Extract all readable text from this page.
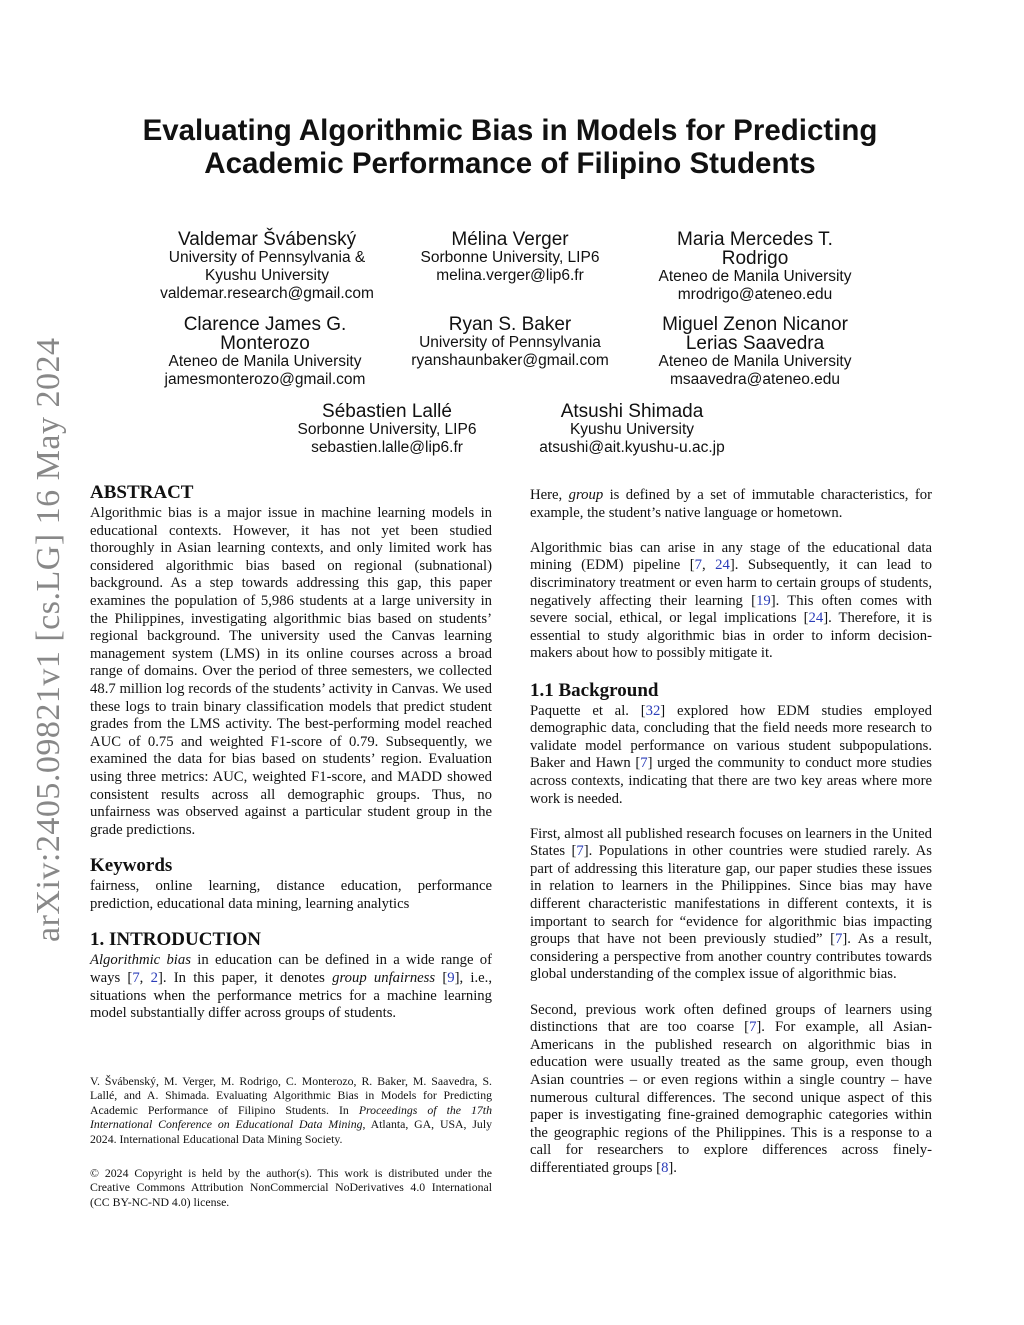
arXiv:2405.09821v1 [cs.LG] 16 May 2024
Evaluating Algorithmic Bias in Models for Predicting
Academic Performance of Filipino Students
Valdemar Švábenský
University of Pennsylvania &
Kyushu University
valdemar.research@gmail.com
Mélina Verger
Sorbonne University, LIP6
melina.verger@lip6.fr
Maria Mercedes T.
Rodrigo
Ateneo de Manila University
mrodrigo@ateneo.edu
Clarence James G.
Monterozo
Ateneo de Manila University
jamesmonterozo@gmail.com
Ryan S. Baker
University of Pennsylvania
ryanshaunbaker@gmail.com
Miguel Zenon Nicanor
Lerias Saavedra
Ateneo de Manila University
msaavedra@ateneo.edu
Sébastien Lallé
Sorbonne University, LIP6
sebastien.lalle@lip6.fr
Atsushi Shimada
Kyushu University
atsushi@ait.kyushu-u.ac.jp
ABSTRACT

Algorithmic bias is a major issue in machine learning models in educational contexts. However, it has not yet been studied thoroughly in Asian learning contexts, and only limited work has considered algorithmic bias based on regional (subnational) background. As a step towards addressing this gap, this paper examines the population of 5,986 students at a large university in the Philippines, investigating algorithmic bias based on students’ regional background. The university used the Canvas learning management system (LMS) in its online courses across a broad range of domains. Over the period of three semesters, we collected 48.7 million log records of the students’ activity in Canvas. We used these logs to train binary classification models that predict student grades from the LMS activity. The best-performing model reached AUC of 0.75 and weighted F1-score of 0.79. Subsequently, we examined the data for bias based on students’ region. Evaluation using three metrics: AUC, weighted F1-score, and MADD showed consistent results across all demographic groups. Thus, no unfairness was observed against a particular student group in the grade predictions.

Keywords

fairness, online learning, distance education, performance prediction, educational data mining, learning analytics

1. INTRODUCTION

Algorithmic bias in education can be defined in a wide range of ways [7, 2]. In this paper, it denotes group unfairness [9], i.e., situations when the performance metrics for a machine learning model substantially differ across groups of students.

V. Švábenský, M. Verger, M. Rodrigo, C. Monterozo, R. Baker, M. Saavedra, S. Lallé, and A. Shimada. Evaluating Algorithmic Bias in Models for Predicting Academic Performance of Filipino Students. In Proceedings of the 17th International Conference on Educational Data Mining, Atlanta, GA, USA, July 2024. International Educational Data Mining Society.
© 2024 Copyright is held by the author(s). This work is distributed under the Creative Commons Attribution NonCommercial NoDerivatives 4.0 International (CC BY-NC-ND 4.0) license.

Here, group is defined by a set of immutable characteristics, for example, the student’s native language or hometown.

Algorithmic bias can arise in any stage of the educational data mining (EDM) pipeline [7, 24]. Subsequently, it can lead to discriminatory treatment or even harm to certain groups of students, negatively affecting their learning [19]. This often comes with severe social, ethical, or legal implications [24]. Therefore, it is essential to study algorithmic bias in order to inform decision-makers about how to possibly mitigate it.

1.1 Background

Paquette et al. [32] explored how EDM studies employed demographic data, concluding that the field needs more research to validate model performance on various student subpopulations. Baker and Hawn [7] urged the community to conduct more studies across contexts, indicating that there are two key areas where more work is needed.

First, almost all published research focuses on learners in the United States [7]. Populations in other countries were studied rarely. As part of addressing this literature gap, our paper studies these issues in relation to learners in the Philippines. Since bias may have different characteristic manifestations in different contexts, it is important to search for “evidence for algorithmic bias impacting groups that have not been previously studied” [7]. As a result, considering a perspective from another country contributes towards global understanding of the complex issue of algorithmic bias.

Second, previous work often defined groups of learners using distinctions that are too coarse [7]. For example, all Asian-Americans in the published research on algorithmic bias in education were usually treated as the same group, even though Asian countries – or even regions within a single country – have numerous cultural differences. The second unique aspect of this paper is investigating fine-grained demographic categories within the geographic regions of the Philippines. This is a response to a call for researchers to explore differences across finely-differentiated groups [8].
